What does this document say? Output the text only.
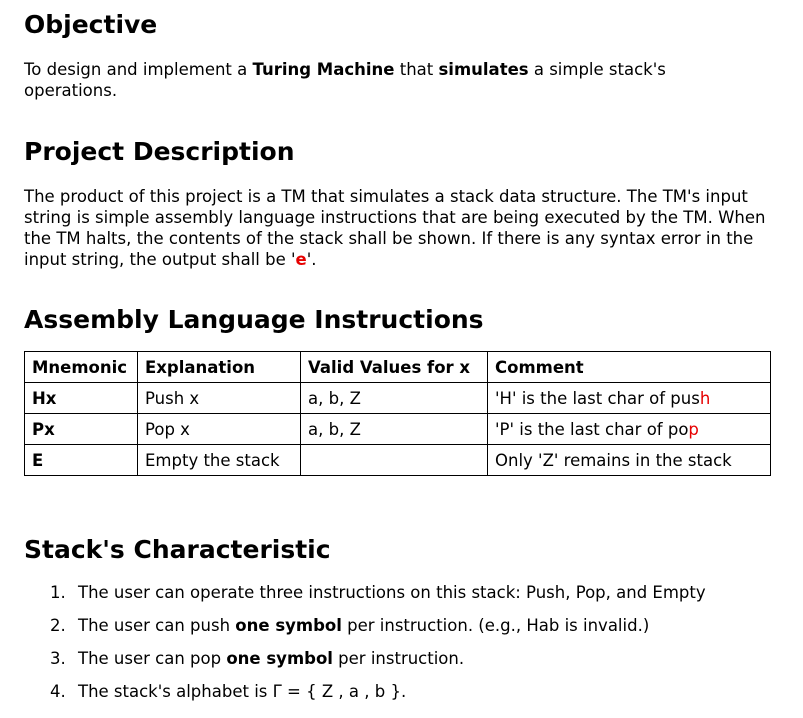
Objective

To design and implement a Turing Machine that simulates a simple stack's operations.

Project Description

The product of this project is a TM that simulates a stack data structure. The TM's input string is simple assembly language instructions that are being executed by the TM. When the TM halts, the contents of the stack shall be shown. If there is any syntax error in the input string, the output shall be 'e'.

Assembly Language Instructions
Mnemonic	Explanation	Valid Values for x	Comment
Hx	Push x	a, b, Z	'H' is the last char of push
Px	Pop x	a, b, Z	'P' is the last char of pop
E	Empty the stack		Only 'Z' remains in the stack
Stack's Characteristic
The user can operate three instructions on this stack: Push, Pop, and Empty
The user can push one symbol per instruction. (e.g., Hab is invalid.)
The user can pop one symbol per instruction.
The stack's alphabet is Γ = { Z , a , b }.
